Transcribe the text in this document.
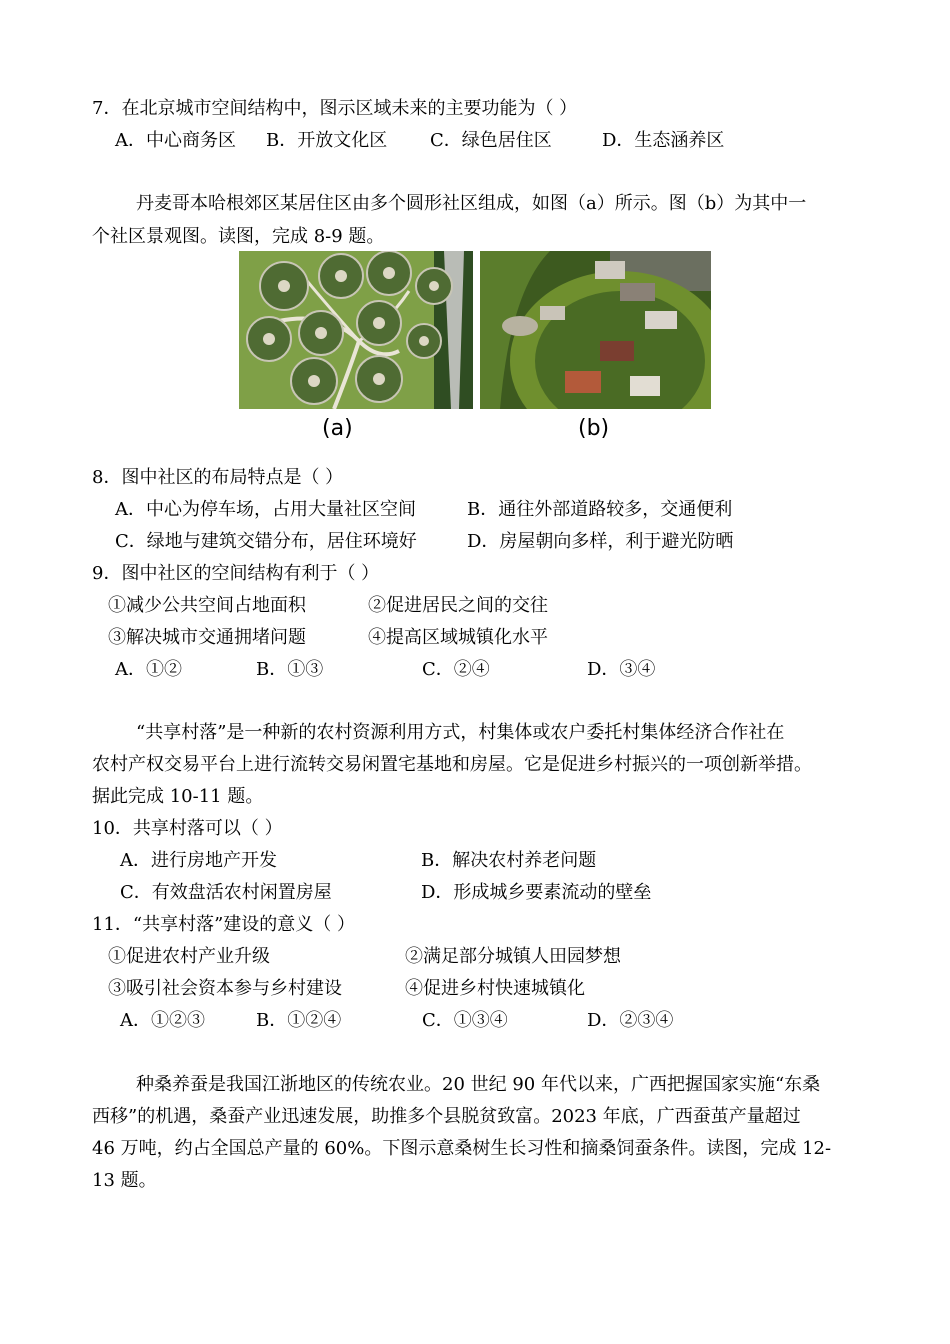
7．在北京城市空间结构中，图示区域未来的主要功能为（ ）
A．中心商务区 B．开放文化区 C．绿色居住区	D．生态涵养区
丹麦哥本哈根郊区某居住区由多个圆形社区组成，如图（a）所示。图（b）为其中一
个社区景观图。读图，完成 8-9 题。
(a)	(b)
8．图中社区的布局特点是（ ）
A．中心为停车场，占用大量社区空间	B．通往外部道路较多，交通便利
C．绿地与建筑交错分布，居住环境好	D．房屋朝向多样，利于避光防晒
9．图中社区的空间结构有利于（ ）
①减少公共空间占地面积	②促进居民之间的交往
③解决城市交通拥堵问题	④提高区域城镇化水平
A．①②	B．①③	C．②④	D．③④
“共享村落”是一种新的农村资源利用方式，村集体或农户委托村集体经济合作社在
农村产权交易平台上进行流转交易闲置宅基地和房屋。它是促进乡村振兴的一项创新举措。
据此完成 10-11 题。
10．共享村落可以（ ）
A．进行房地产开发	B．解决农村养老问题
C．有效盘活农村闲置房屋	D．形成城乡要素流动的壁垒
11．“共享村落”建设的意义（ ）
①促进农村产业升级	②满足部分城镇人田园梦想
③吸引社会资本参与乡村建设	④促进乡村快速城镇化
A．①②③	B．①②④	C．①③④	D．②③④
种桑养蚕是我国江浙地区的传统农业。20 世纪 90 年代以来，广西把握国家实施“东桑
西移”的机遇，桑蚕产业迅速发展，助推多个县脱贫致富。2023 年底，广西蚕茧产量超过
46 万吨，约占全国总产量的 60%。下图示意桑树生长习性和摘桑饲蚕条件。读图，完成 12-
13 题。
